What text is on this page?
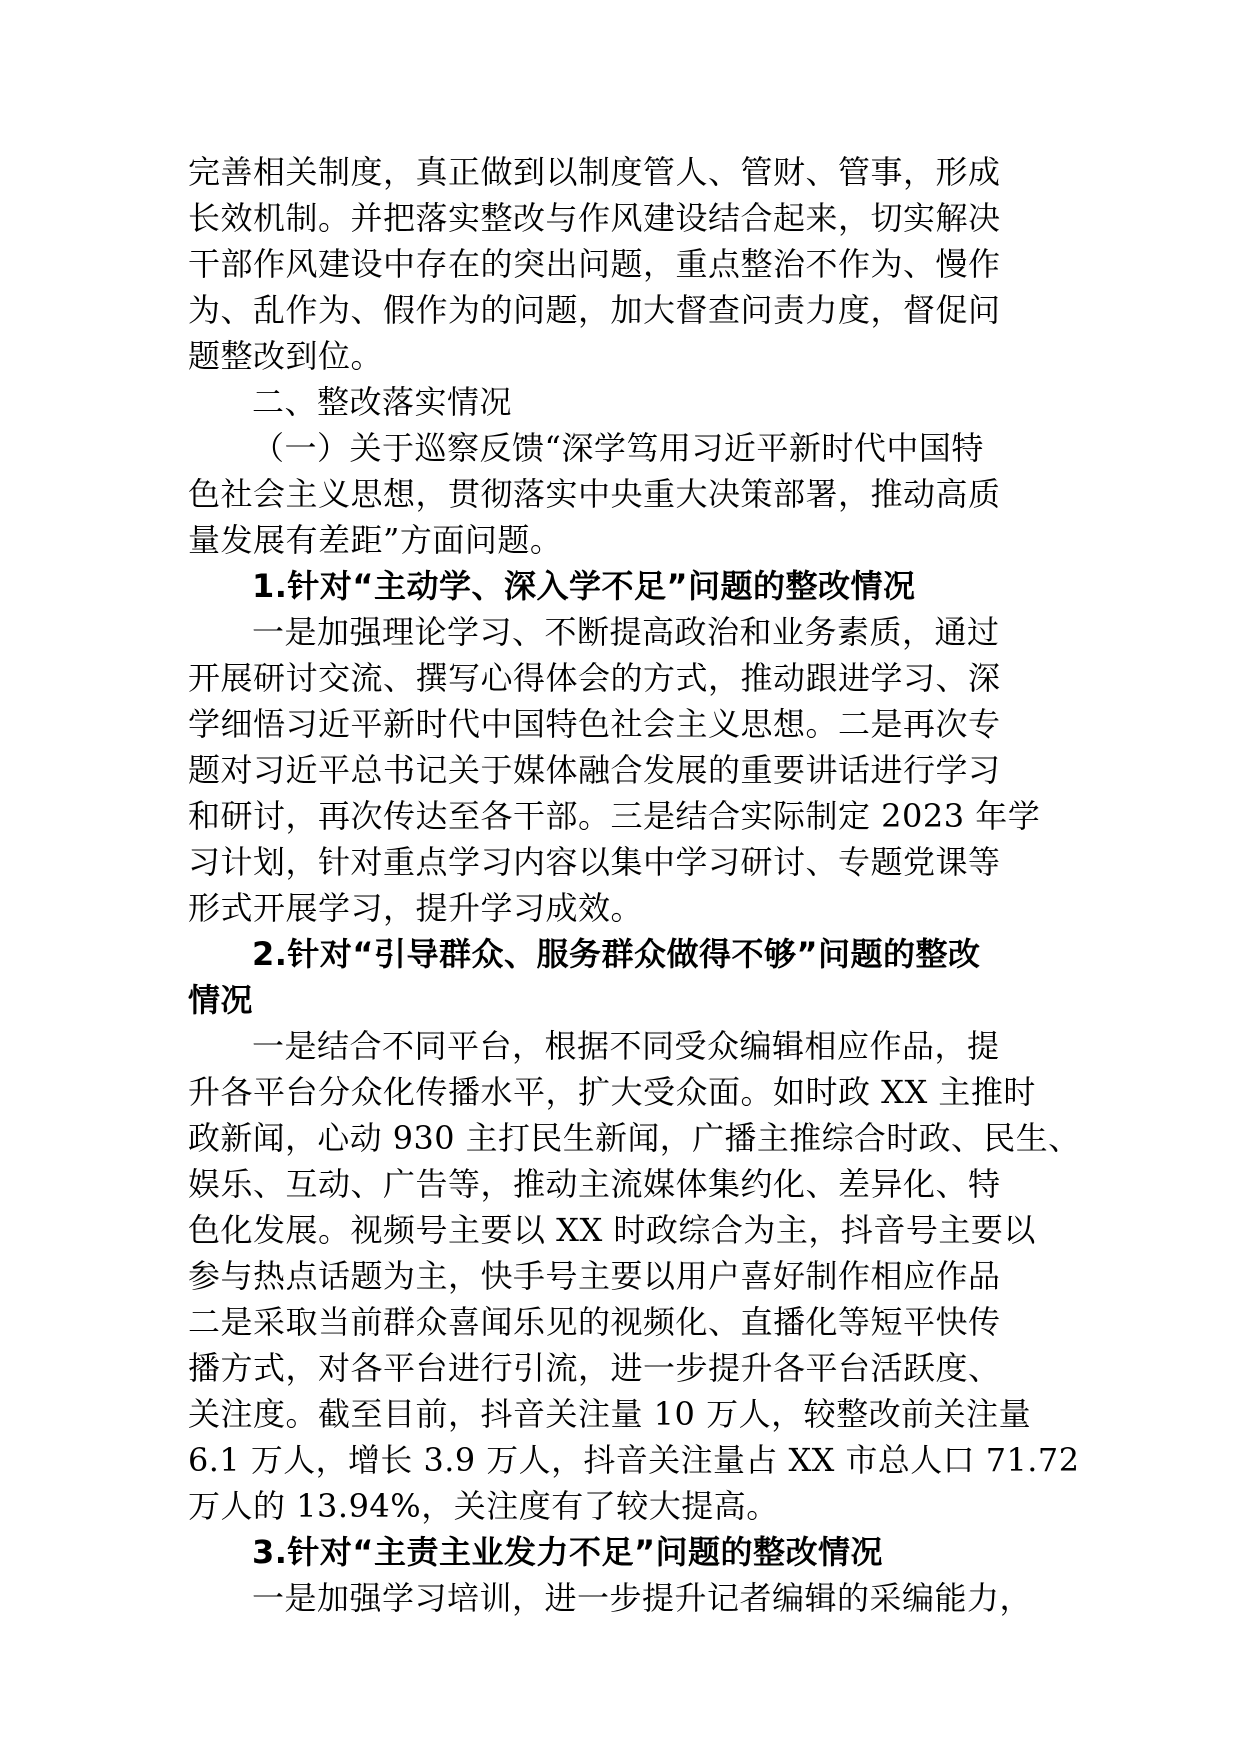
完善相关制度，真正做到以制度管人、管财、管事，形成
长效机制。并把落实整改与作风建设结合起来，切实解决
干部作风建设中存在的突出问题，重点整治不作为、慢作
为、乱作为、假作为的问题，加大督查问责力度，督促问
题整改到位。
二、整改落实情况
（一）关于巡察反馈“深学笃用习近平新时代中国特
色社会主义思想，贯彻落实中央重大决策部署，推动高质
量发展有差距”方面问题。
1.针对“主动学、深入学不足”问题的整改情况
一是加强理论学习、不断提高政治和业务素质，通过
开展研讨交流、撰写心得体会的方式，推动跟进学习、深
学细悟习近平新时代中国特色社会主义思想。二是再次专
题对习近平总书记关于媒体融合发展的重要讲话进行学习
和研讨，再次传达至各干部。三是结合实际制定 2023 年学
习计划，针对重点学习内容以集中学习研讨、专题党课等
形式开展学习，提升学习成效。
2.针对“引导群众、服务群众做得不够”问题的整改
情况
一是结合不同平台，根据不同受众编辑相应作品，提
升各平台分众化传播水平，扩大受众面。如时政 XX 主推时
政新闻，心动 930 主打民生新闻，广播主推综合时政、民生、
娱乐、互动、广告等，推动主流媒体集约化、差异化、特
色化发展。视频号主要以 XX 时政综合为主，抖音号主要以
参与热点话题为主，快手号主要以用户喜好制作相应作品
二是采取当前群众喜闻乐见的视频化、直播化等短平快传
播方式，对各平台进行引流，进一步提升各平台活跃度、
关注度。截至目前，抖音关注量 10 万人，较整改前关注量
6.1 万人，增长 3.9 万人，抖音关注量占 XX 市总人口 71.72
万人的 13.94%，关注度有了较大提高。
3.针对“主责主业发力不足”问题的整改情况
一是加强学习培训，进一步提升记者编辑的采编能力，
